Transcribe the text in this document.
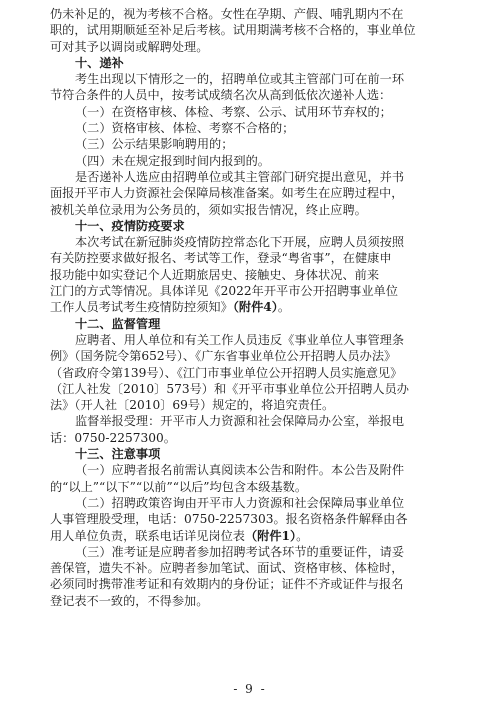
仍未补足的，视为考核不合格。女性在孕期、产假、哺乳期内不在
职的，试用期顺延至补足后考核。试用期满考核不合格的，事业单位
可对其予以调岗或解聘处理。
十、递补
考生出现以下情形之一的，招聘单位或其主管部门可在前一环
节符合条件的人员中，按考试成绩名次从高到低依次递补人选：
（一）在资格审核、体检、考察、公示、试用环节弃权的；
（二）资格审核、体检、考察不合格的；
（三）公示结果影响聘用的；
（四）未在规定报到时间内报到的。
是否递补人选应由招聘单位或其主管部门研究提出意见，并书
面报开平市人力资源社会保障局核准备案。如考生在应聘过程中，
被机关单位录用为公务员的，须如实报告情况，终止应聘。
十一、疫情防疫要求
本次考试在新冠肺炎疫情防控常态化下开展，应聘人员须按照
有关防控要求做好报名、考试等工作，登录“粤省事”，在健康申
报功能中如实登记个人近期旅居史、接触史、身体状况、前来
江门的方式等情况。具体详见《2022年开平市公开招聘事业单位
工作人员考试考生疫情防控须知》（附件4）。
十二、监督管理
应聘者、用人单位和有关工作人员违反《事业单位人事管理条
例》（国务院令第652号）、《广东省事业单位公开招聘人员办法》
（省政府令第139号）、《江门市事业单位公开招聘人员实施意见》
（江人社发〔2010〕573号）和《开平市事业单位公开招聘人员办
法》（开人社〔2010〕69号）规定的，将追究责任。
监督举报受理：开平市人力资源和社会保障局办公室，举报电
话：0750-2257300。
十三、注意事项
（一）应聘者报名前需认真阅读本公告和附件。本公告及附件
的“以上”“以下”“以前”“以后”均包含本级基数。
（二）招聘政策咨询由开平市人力资源和社会保障局事业单位
人事管理股受理，电话：0750-2257303。报名资格条件解释由各
用人单位负责，联系电话详见岗位表（附件1）。
（三）准考证是应聘者参加招聘考试各环节的重要证件，请妥
善保管，遗失不补。应聘者参加笔试、面试、资格审核、体检时，
必须同时携带准考证和有效期内的身份证；证件不齐或证件与报名
登记表不一致的，不得参加。
- 9 -
